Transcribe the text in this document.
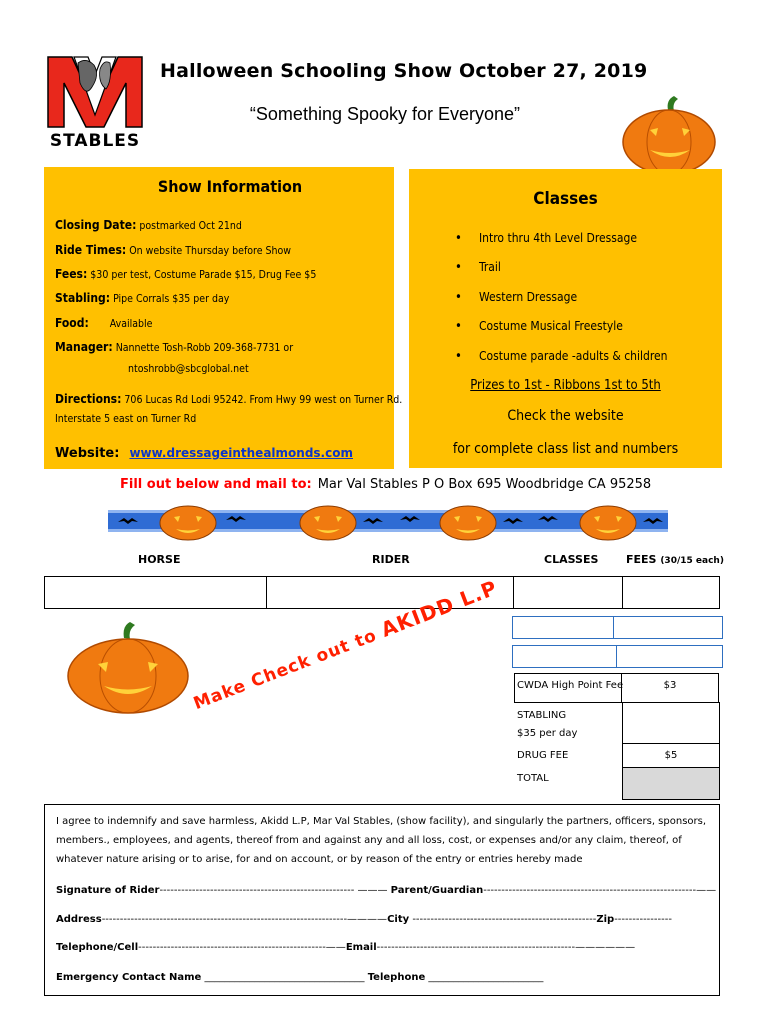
STABLES
Halloween Schooling Show October 27, 2019
“Something Spooky for Everyone”
Show Information
Closing Date: postmarked Oct 21nd
Ride Times: On website Thursday before Show
Fees: $30 per test, Costume Parade $15, Drug Fee $5
Stabling: Pipe Corrals $35 per day
Food: Available
Manager: Nannette Tosh-Robb 209-368-7731 or
ntoshrobb@sbcglobal.net
Directions: 706 Lucas Rd Lodi 95242. From Hwy 99 west on Turner Rd.
Interstate 5 east on Turner Rd
Website: www.dressageinthealmonds.com
Classes
• Intro thru 4th Level Dressage
• Trail
• Western Dressage
• Costume Musical Freestyle
• Costume parade -adults & children
Prizes to 1st - Ribbons 1st to 5th
Check the website
for complete class list and numbers
Fill out below and mail to: Mar Val Stables P O Box 695 Woodbridge CA 95258
HORSE	RIDER	CLASSES	FEES (30/15 each)
Make Check out to AKIDD L.P
CWDA High Point Fee	$3
STABLING
$35 per day
DRUG FEE	$5
TOTAL
I agree to indemnify and save harmless, Akidd L.P, Mar Val Stables, (show facility), and singularly the partners, officers, sponsors, members., employees, and agents, thereof from and against any and all loss, cost, or expenses and/or any claim, thereof, of whatever nature arising or to arise, for and on account, or by reason of the entry or entries hereby made
Signature of Rider------------------------------------------------------ ——— Parent/Guardian-----------------------------------------------------------——
Address--------------------------------------------------------------------————City ---------------------------------------------------Zip----------------
Telephone/Cell----------------------------------------------------——Email-------------------------------------------------------——————
Emergency Contact Name ________________________________ Telephone _______________________
